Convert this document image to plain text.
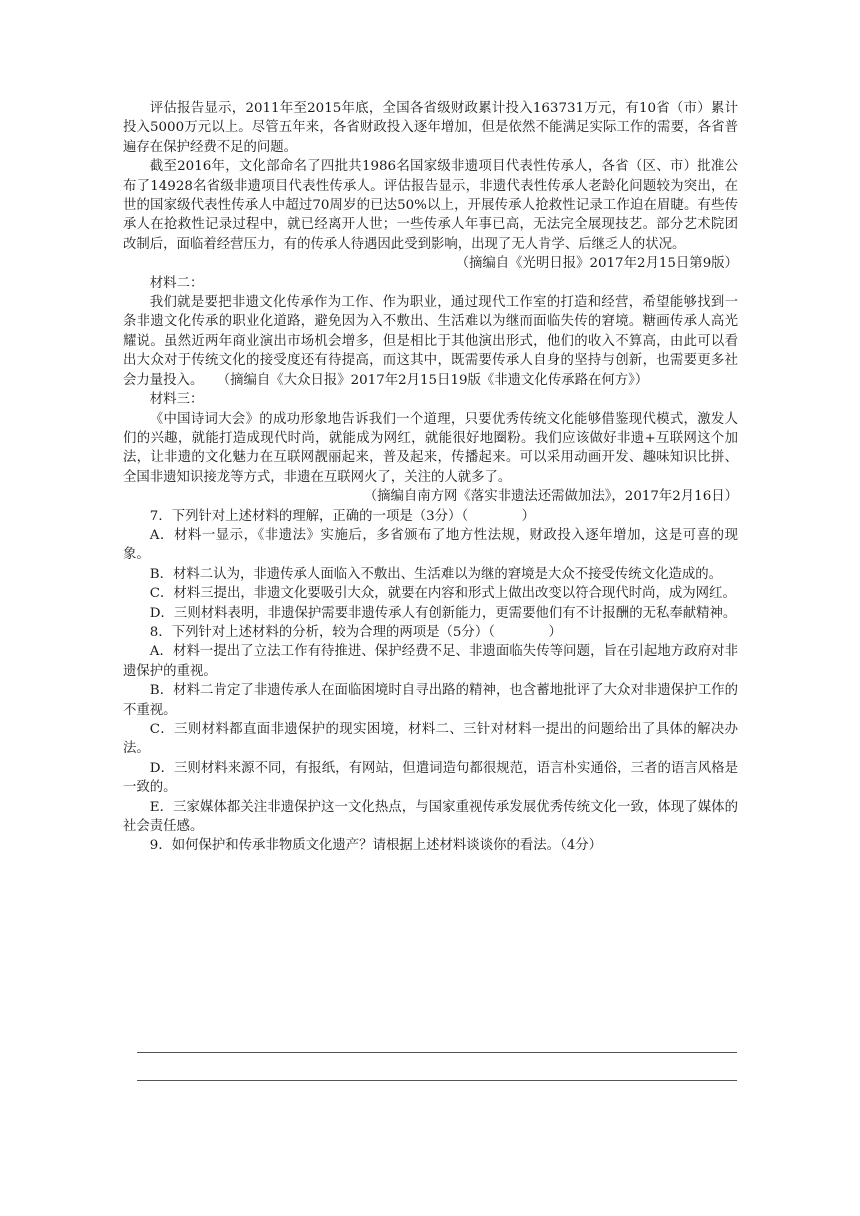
评估报告显示，2011年至2015年底，全国各省级财政累计投入163731万元，有10省（市）累计投入5000万元以上。尽管五年来，各省财政投入逐年增加，但是依然不能满足实际工作的需要，各省普遍存在保护经费不足的问题。

截至2016年，文化部命名了四批共1986名国家级非遗项目代表性传承人，各省（区、市）批准公布了14928名省级非遗项目代表性传承人。评估报告显示，非遗代表性传承人老龄化问题较为突出，在世的国家级代表性传承人中超过70周岁的已达50%以上，开展传承人抢救性记录工作迫在眉睫。有些传承人在抢救性记录过程中，就已经离开人世；一些传承人年事已高，无法完全展现技艺。部分艺术院团改制后，面临着经营压力，有的传承人待遇因此受到影响，出现了无人肯学、后继乏人的状况。

（摘编自《光明日报》2017年2月15日第9版）

材料二：

我们就是要把非遗文化传承作为工作、作为职业，通过现代工作室的打造和经营，希望能够找到一条非遗文化传承的职业化道路，避免因为入不敷出、生活难以为继而面临失传的窘境。糖画传承人高光耀说。虽然近两年商业演出市场机会增多，但是相比于其他演出形式，他们的收入不算高，由此可以看出大众对于传统文化的接受度还有待提高，而这其中，既需要传承人自身的坚持与创新，也需要更多社会力量投入。　　（摘编自《大众日报》2017年2月15日19版《非遗文化传承路在何方》）

材料三：

《中国诗词大会》的成功形象地告诉我们一个道理，只要优秀传统文化能够借鉴现代模式，激发人们的兴趣，就能打造成现代时尚，就能成为网红，就能很好地圈粉。我们应该做好非遗+互联网这个加法，让非遗的文化魅力在互联网靓丽起来，普及起来，传播起来。可以采用动画开发、趣味知识比拼、全国非遗知识接龙等方式，非遗在互联网火了，关注的人就多了。

（摘编自南方网《落实非遗法还需做加法》，2017年2月16日）

7．下列针对上述材料的理解，正确的一项是（3分）（　　　　）

A．材料一显示，《非遗法》实施后，多省颁布了地方性法规，财政投入逐年增加，这是可喜的现象。

B．材料二认为，非遗传承人面临入不敷出、生活难以为继的窘境是大众不接受传统文化造成的。

C．材料三提出，非遗文化要吸引大众，就要在内容和形式上做出改变以符合现代时尚，成为网红。

D．三则材料表明，非遗保护需要非遗传承人有创新能力，更需要他们有不计报酬的无私奉献精神。

8．下列针对上述材料的分析，较为合理的两项是（5分）（　　　　）

A．材料一提出了立法工作有待推进、保护经费不足、非遗面临失传等问题，旨在引起地方政府对非遗保护的重视。

B．材料二肯定了非遗传承人在面临困境时自寻出路的精神，也含蓄地批评了大众对非遗保护工作的不重视。

C．三则材料都直面非遗保护的现实困境，材料二、三针对材料一提出的问题给出了具体的解决办法。

D．三则材料来源不同，有报纸，有网站，但遣词造句都很规范，语言朴实通俗，三者的语言风格是一致的。

E．三家媒体都关注非遗保护这一文化热点，与国家重视传承发展优秀传统文化一致，体现了媒体的社会责任感。

9．如何保护和传承非物质文化遗产？请根据上述材料谈谈你的看法。（4分）
